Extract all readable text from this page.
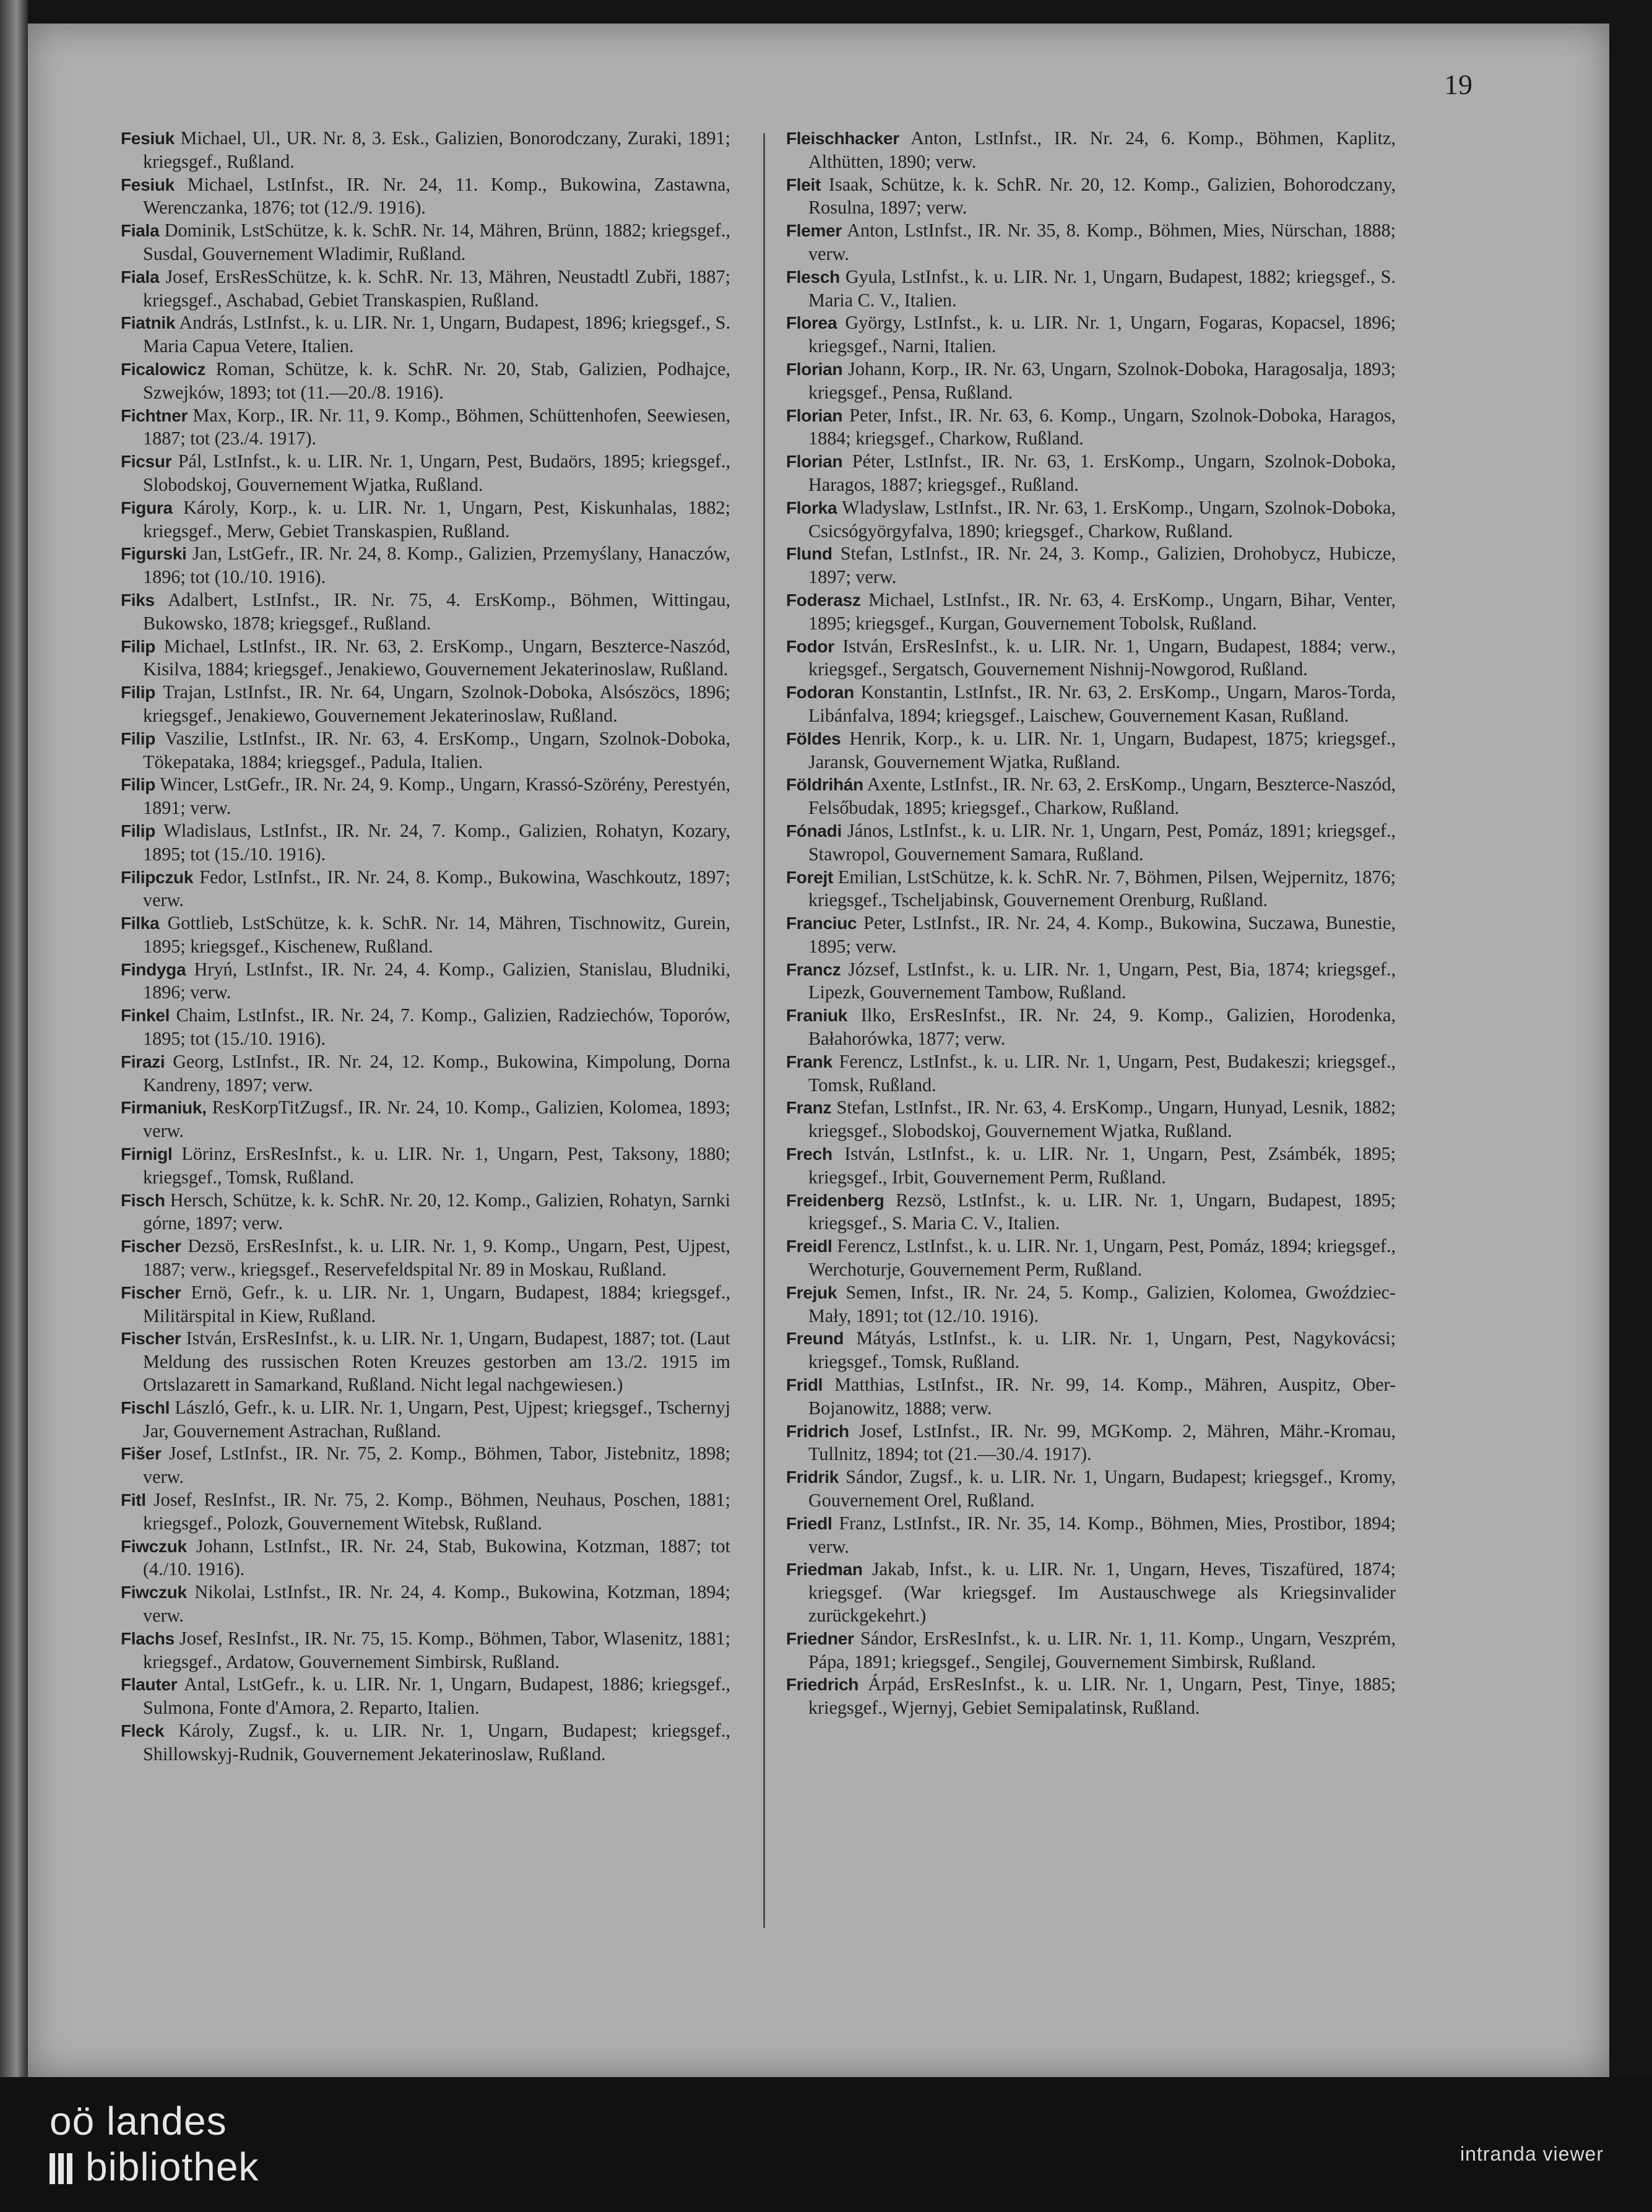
19

Fesiuk Michael, Ul., UR. Nr. 8, 3. Esk., Galizien, Bonorodczany, Zuraki, 1891; kriegsgef., Rußland.

Fesiuk Michael, LstInfst., IR. Nr. 24, 11. Komp., Bukowina, Zastawna, Werenczanka, 1876; tot (12./9. 1916).

Fiala Dominik, LstSchütze, k. k. SchR. Nr. 14, Mähren, Brünn, 1882; kriegsgef., Susdal, Gouvernement Wladimir, Rußland.

Fiala Josef, ErsResSchütze, k. k. SchR. Nr. 13, Mähren, Neustadtl Zubři, 1887; kriegsgef., Aschabad, Gebiet Transkaspien, Rußland.

Fiatnik András, LstInfst., k. u. LIR. Nr. 1, Ungarn, Budapest, 1896; kriegsgef., S. Maria Capua Vetere, Italien.

Ficalowicz Roman, Schütze, k. k. SchR. Nr. 20, Stab, Galizien, Podhajce, Szwejków, 1893; tot (11.—20./8. 1916).

Fichtner Max, Korp., IR. Nr. 11, 9. Komp., Böhmen, Schüttenhofen, Seewiesen, 1887; tot (23./4. 1917).

Ficsur Pál, LstInfst., k. u. LIR. Nr. 1, Ungarn, Pest, Budaörs, 1895; kriegsgef., Slobodskoj, Gouvernement Wjatka, Rußland.

Figura Károly, Korp., k. u. LIR. Nr. 1, Ungarn, Pest, Kiskunhalas, 1882; kriegsgef., Merw, Gebiet Transkaspien, Rußland.

Figurski Jan, LstGefr., IR. Nr. 24, 8. Komp., Galizien, Przemyślany, Hanaczów, 1896; tot (10./10. 1916).

Fiks Adalbert, LstInfst., IR. Nr. 75, 4. ErsKomp., Böhmen, Wittingau, Bukowsko, 1878; kriegsgef., Rußland.

Filip Michael, LstInfst., IR. Nr. 63, 2. ErsKomp., Ungarn, Beszterce-Naszód, Kisilva, 1884; kriegsgef., Jenakiewo, Gouvernement Jekaterinoslaw, Rußland.

Filip Trajan, LstInfst., IR. Nr. 64, Ungarn, Szolnok-Doboka, Alsószöcs, 1896; kriegsgef., Jenakiewo, Gouvernement Jekaterinoslaw, Rußland.

Filip Vaszilie, LstInfst., IR. Nr. 63, 4. ErsKomp., Ungarn, Szolnok-Doboka, Tökepataka, 1884; kriegsgef., Padula, Italien.

Filip Wincer, LstGefr., IR. Nr. 24, 9. Komp., Ungarn, Krassó-Szörény, Perestyén, 1891; verw.

Filip Wladislaus, LstInfst., IR. Nr. 24, 7. Komp., Galizien, Rohatyn, Kozary, 1895; tot (15./10. 1916).

Filipczuk Fedor, LstInfst., IR. Nr. 24, 8. Komp., Bukowina, Waschkoutz, 1897; verw.

Filka Gottlieb, LstSchütze, k. k. SchR. Nr. 14, Mähren, Tischnowitz, Gurein, 1895; kriegsgef., Kischenew, Rußland.

Findyga Hryń, LstInfst., IR. Nr. 24, 4. Komp., Galizien, Stanislau, Bludniki, 1896; verw.

Finkel Chaim, LstInfst., IR. Nr. 24, 7. Komp., Galizien, Radziechów, Toporów, 1895; tot (15./10. 1916).

Firazi Georg, LstInfst., IR. Nr. 24, 12. Komp., Bukowina, Kimpolung, Dorna Kandreny, 1897; verw.

Firmaniuk, ResKorpTitZugsf., IR. Nr. 24, 10. Komp., Galizien, Kolomea, 1893; verw.

Firnigl Lörinz, ErsResInfst., k. u. LIR. Nr. 1, Ungarn, Pest, Taksony, 1880; kriegsgef., Tomsk, Rußland.

Fisch Hersch, Schütze, k. k. SchR. Nr. 20, 12. Komp., Galizien, Rohatyn, Sarnki górne, 1897; verw.

Fischer Dezsö, ErsResInfst., k. u. LIR. Nr. 1, 9. Komp., Ungarn, Pest, Ujpest, 1887; verw., kriegsgef., Reservefeldspital Nr. 89 in Moskau, Rußland.

Fischer Ernö, Gefr., k. u. LIR. Nr. 1, Ungarn, Budapest, 1884; kriegsgef., Militärspital in Kiew, Rußland.

Fischer István, ErsResInfst., k. u. LIR. Nr. 1, Ungarn, Budapest, 1887; tot. (Laut Meldung des russischen Roten Kreuzes gestorben am 13./2. 1915 im Ortslazarett in Samarkand, Rußland. Nicht legal nachgewiesen.)

Fischl László, Gefr., k. u. LIR. Nr. 1, Ungarn, Pest, Ujpest; kriegsgef., Tschernyj Jar, Gouvernement Astrachan, Rußland.

Fišer Josef, LstInfst., IR. Nr. 75, 2. Komp., Böhmen, Tabor, Jistebnitz, 1898; verw.

Fitl Josef, ResInfst., IR. Nr. 75, 2. Komp., Böhmen, Neuhaus, Poschen, 1881; kriegsgef., Polozk, Gouvernement Witebsk, Rußland.

Fiwczuk Johann, LstInfst., IR. Nr. 24, Stab, Bukowina, Kotzman, 1887; tot (4./10. 1916).

Fiwczuk Nikolai, LstInfst., IR. Nr. 24, 4. Komp., Bukowina, Kotzman, 1894; verw.

Flachs Josef, ResInfst., IR. Nr. 75, 15. Komp., Böhmen, Tabor, Wlasenitz, 1881; kriegsgef., Ardatow, Gouvernement Simbirsk, Rußland.

Flauter Antal, LstGefr., k. u. LIR. Nr. 1, Ungarn, Budapest, 1886; kriegsgef., Sulmona, Fonte d'Amora, 2. Reparto, Italien.

Fleck Károly, Zugsf., k. u. LIR. Nr. 1, Ungarn, Budapest; kriegsgef., Shillowskyj-Rudnik, Gouvernement Jekaterinoslaw, Rußland.

Fleischhacker Anton, LstInfst., IR. Nr. 24, 6. Komp., Böhmen, Kaplitz, Althütten, 1890; verw.

Fleit Isaak, Schütze, k. k. SchR. Nr. 20, 12. Komp., Galizien, Bohorodczany, Rosulna, 1897; verw.

Flemer Anton, LstInfst., IR. Nr. 35, 8. Komp., Böhmen, Mies, Nürschan, 1888; verw.

Flesch Gyula, LstInfst., k. u. LIR. Nr. 1, Ungarn, Budapest, 1882; kriegsgef., S. Maria C. V., Italien.

Florea György, LstInfst., k. u. LIR. Nr. 1, Ungarn, Fogaras, Kopacsel, 1896; kriegsgef., Narni, Italien.

Florian Johann, Korp., IR. Nr. 63, Ungarn, Szolnok-Doboka, Haragosalja, 1893; kriegsgef., Pensa, Rußland.

Florian Peter, Infst., IR. Nr. 63, 6. Komp., Ungarn, Szolnok-Doboka, Haragos, 1884; kriegsgef., Charkow, Rußland.

Florian Péter, LstInfst., IR. Nr. 63, 1. ErsKomp., Ungarn, Szolnok-Doboka, Haragos, 1887; kriegsgef., Rußland.

Florka Wladyslaw, LstInfst., IR. Nr. 63, 1. ErsKomp., Ungarn, Szolnok-Doboka, Csicsógyörgyfalva, 1890; kriegsgef., Charkow, Rußland.

Flund Stefan, LstInfst., IR. Nr. 24, 3. Komp., Galizien, Drohobycz, Hubicze, 1897; verw.

Foderasz Michael, LstInfst., IR. Nr. 63, 4. ErsKomp., Ungarn, Bihar, Venter, 1895; kriegsgef., Kurgan, Gouvernement Tobolsk, Rußland.

Fodor István, ErsResInfst., k. u. LIR. Nr. 1, Ungarn, Budapest, 1884; verw., kriegsgef., Sergatsch, Gouvernement Nishnij-Nowgorod, Rußland.

Fodoran Konstantin, LstInfst., IR. Nr. 63, 2. ErsKomp., Ungarn, Maros-Torda, Libánfalva, 1894; kriegsgef., Laischew, Gouvernement Kasan, Rußland.

Földes Henrik, Korp., k. u. LIR. Nr. 1, Ungarn, Budapest, 1875; kriegsgef., Jaransk, Gouvernement Wjatka, Rußland.

Földrihán Axente, LstInfst., IR. Nr. 63, 2. ErsKomp., Ungarn, Beszterce-Naszód, Felsőbudak, 1895; kriegsgef., Charkow, Rußland.

Fónadi János, LstInfst., k. u. LIR. Nr. 1, Ungarn, Pest, Pomáz, 1891; kriegsgef., Stawropol, Gouvernement Samara, Rußland.

Forejt Emilian, LstSchütze, k. k. SchR. Nr. 7, Böhmen, Pilsen, Wejpernitz, 1876; kriegsgef., Tscheljabinsk, Gouvernement Orenburg, Rußland.

Franciuc Peter, LstInfst., IR. Nr. 24, 4. Komp., Bukowina, Suczawa, Bunestie, 1895; verw.

Francz József, LstInfst., k. u. LIR. Nr. 1, Ungarn, Pest, Bia, 1874; kriegsgef., Lipezk, Gouvernement Tambow, Rußland.

Franiuk Ilko, ErsResInfst., IR. Nr. 24, 9. Komp., Galizien, Horodenka, Bałahorówka, 1877; verw.

Frank Ferencz, LstInfst., k. u. LIR. Nr. 1, Ungarn, Pest, Budakeszi; kriegsgef., Tomsk, Rußland.

Franz Stefan, LstInfst., IR. Nr. 63, 4. ErsKomp., Ungarn, Hunyad, Lesnik, 1882; kriegsgef., Slobodskoj, Gouvernement Wjatka, Rußland.

Frech István, LstInfst., k. u. LIR. Nr. 1, Ungarn, Pest, Zsámbék, 1895; kriegsgef., Irbit, Gouvernement Perm, Rußland.

Freidenberg Rezsö, LstInfst., k. u. LIR. Nr. 1, Ungarn, Budapest, 1895; kriegsgef., S. Maria C. V., Italien.

Freidl Ferencz, LstInfst., k. u. LIR. Nr. 1, Ungarn, Pest, Pomáz, 1894; kriegsgef., Werchoturje, Gouvernement Perm, Rußland.

Frejuk Semen, Infst., IR. Nr. 24, 5. Komp., Galizien, Kolomea, Gwoździec-Mały, 1891; tot (12./10. 1916).

Freund Mátyás, LstInfst., k. u. LIR. Nr. 1, Ungarn, Pest, Nagykovácsi; kriegsgef., Tomsk, Rußland.

Fridl Matthias, LstInfst., IR. Nr. 99, 14. Komp., Mähren, Auspitz, Ober-Bojanowitz, 1888; verw.

Fridrich Josef, LstInfst., IR. Nr. 99, MGKomp. 2, Mähren, Mähr.-Kromau, Tullnitz, 1894; tot (21.—30./4. 1917).

Fridrik Sándor, Zugsf., k. u. LIR. Nr. 1, Ungarn, Budapest; kriegsgef., Kromy, Gouvernement Orel, Rußland.

Friedl Franz, LstInfst., IR. Nr. 35, 14. Komp., Böhmen, Mies, Prostibor, 1894; verw.

Friedman Jakab, Infst., k. u. LIR. Nr. 1, Ungarn, Heves, Tiszafüred, 1874; kriegsgef. (War kriegsgef. Im Austauschwege als Kriegsinvalider zurückgekehrt.)

Friedner Sándor, ErsResInfst., k. u. LIR. Nr. 1, 11. Komp., Ungarn, Veszprém, Pápa, 1891; kriegsgef., Sengilej, Gouvernement Simbirsk, Rußland.

Friedrich Árpád, ErsResInfst., k. u. LIR. Nr. 1, Ungarn, Pest, Tinye, 1885; kriegsgef., Wjernyj, Gebiet Semipalatinsk, Rußland.

oö landes
bibliothek	intranda viewer
